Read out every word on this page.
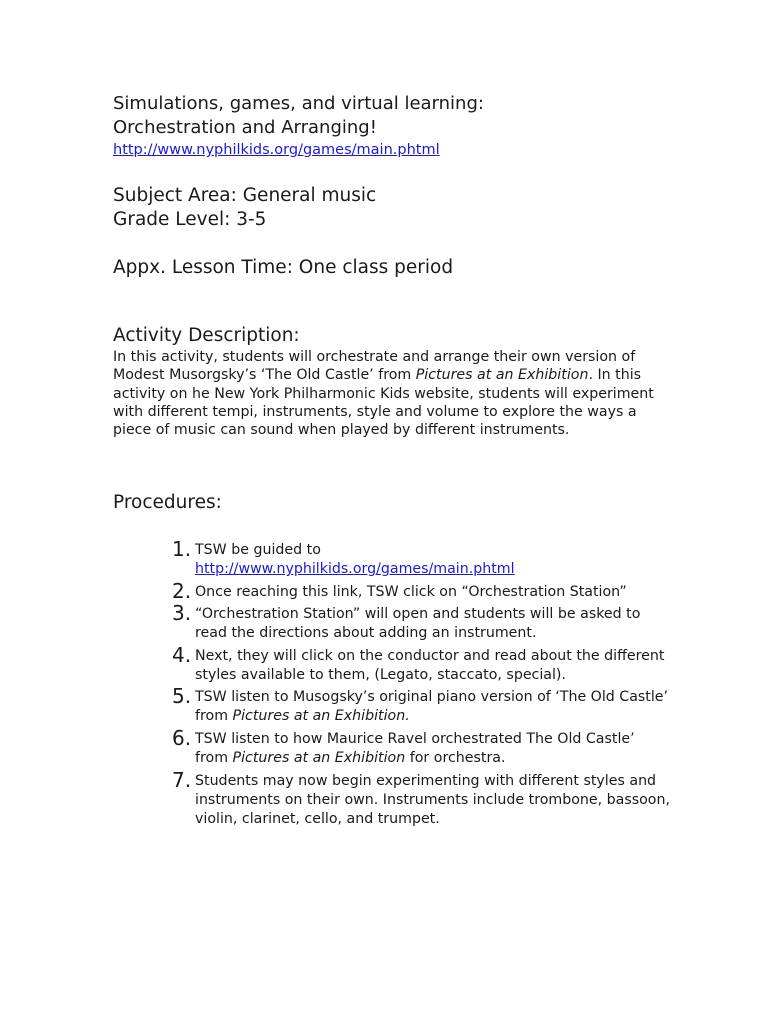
Simulations, games, and virtual learning:
Orchestration and Arranging!
http://www.nyphilkids.org/games/main.phtml
Subject Area: General music
Grade Level: 3-5
Appx. Lesson Time: One class period
Activity Description:

In this activity, students will orchestrate and arrange their own version of Modest Musorgsky’s ‘The Old Castle’ from Pictures at an Exhibition. In this activity on he New York Philharmonic Kids website, students will experiment with different tempi, instruments, style and volume to explore the ways a piece of music can sound when played by different instruments.

Procedures:
1. TSW be guided to
http://www.nyphilkids.org/games/main.phtml
2. Once reaching this link, TSW click on “Orchestration Station”
3. “Orchestration Station” will open and students will be asked to read the directions about adding an instrument.
4. Next, they will click on the conductor and read about the different styles available to them, (Legato, staccato, special).
5. TSW listen to Musogsky’s original piano version of ‘The Old Castle’ from Pictures at an Exhibition.
6. TSW listen to how Maurice Ravel orchestrated The Old Castle’ from Pictures at an Exhibition for orchestra.
7. Students may now begin experimenting with different styles and instruments on their own. Instruments include trombone, bassoon, violin, clarinet, cello, and trumpet.
